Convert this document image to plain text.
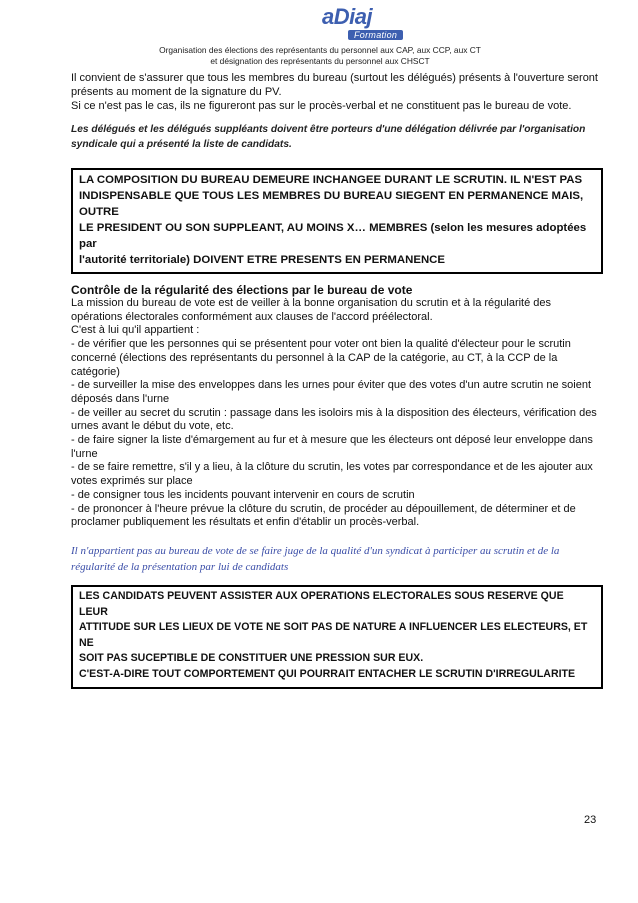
aDiaj
Formation
Organisation des élections des représentants du personnel aux CAP, aux CCP, aux CT
et désignation des représentants du personnel aux CHSCT

Il convient de s'assurer que tous les membres du bureau (surtout les délégués) présents à l'ouverture seront présents au moment de la signature du PV.

Si ce n'est pas le cas, ils ne figureront pas sur le procès-verbal et ne constituent pas le bureau de vote.

Les délégués et les délégués suppléants doivent être porteurs d'une délégation délivrée par l'organisation syndicale qui a présenté la liste de candidats.

LA COMPOSITION DU BUREAU DEMEURE INCHANGEE DURANT LE SCRUTIN. IL N'EST PAS
INDISPENSABLE QUE TOUS LES MEMBRES DU BUREAU SIEGENT EN PERMANENCE MAIS, OUTRE
LE PRESIDENT OU SON SUPPLEANT, AU MOINS X… MEMBRES (selon les mesures adoptées par
l'autorité territoriale) DOIVENT ETRE PRESENTS EN PERMANENCE

Contrôle de la régularité des élections par le bureau de vote

La mission du bureau de vote est de veiller à la bonne organisation du scrutin et à la régularité des opérations électorales conformément aux clauses de l'accord préélectoral.

C'est à lui qu'il appartient :

- de vérifier que les personnes qui se présentent pour voter ont bien la qualité d'électeur pour le scrutin concerné (élections des représentants du personnel à la CAP de la catégorie, au CT, à la CCP de la catégorie)

- de surveiller la mise des enveloppes dans les urnes pour éviter que des votes d'un autre scrutin ne soient déposés dans l'urne

- de veiller au secret du scrutin : passage dans les isoloirs mis à la disposition des électeurs, vérification des urnes avant le début du vote, etc.

- de faire signer la liste d'émargement au fur et à mesure que les électeurs ont déposé leur enveloppe dans l'urne

- de se faire remettre, s'il y a lieu, à la clôture du scrutin, les votes par correspondance et de les ajouter aux votes exprimés sur place

- de consigner tous les incidents pouvant intervenir en cours de scrutin

- de prononcer à l'heure prévue la clôture du scrutin, de procéder au dépouillement, de déterminer et de proclamer publiquement les résultats et enfin d'établir un procès-verbal.

Il n'appartient pas au bureau de vote de se faire juge de la qualité d'un syndicat à participer au scrutin et de la régularité de la présentation par lui de candidats

LES CANDIDATS PEUVENT ASSISTER AUX OPERATIONS ELECTORALES SOUS RESERVE QUE LEUR
ATTITUDE SUR LES LIEUX DE VOTE NE SOIT PAS DE NATURE A INFLUENCER LES ELECTEURS, ET NE
SOIT PAS SUCEPTIBLE DE CONSTITUER UNE PRESSION SUR EUX.
C'EST-A-DIRE TOUT COMPORTEMENT QUI POURRAIT ENTACHER LE SCRUTIN D'IRREGULARITE
23
